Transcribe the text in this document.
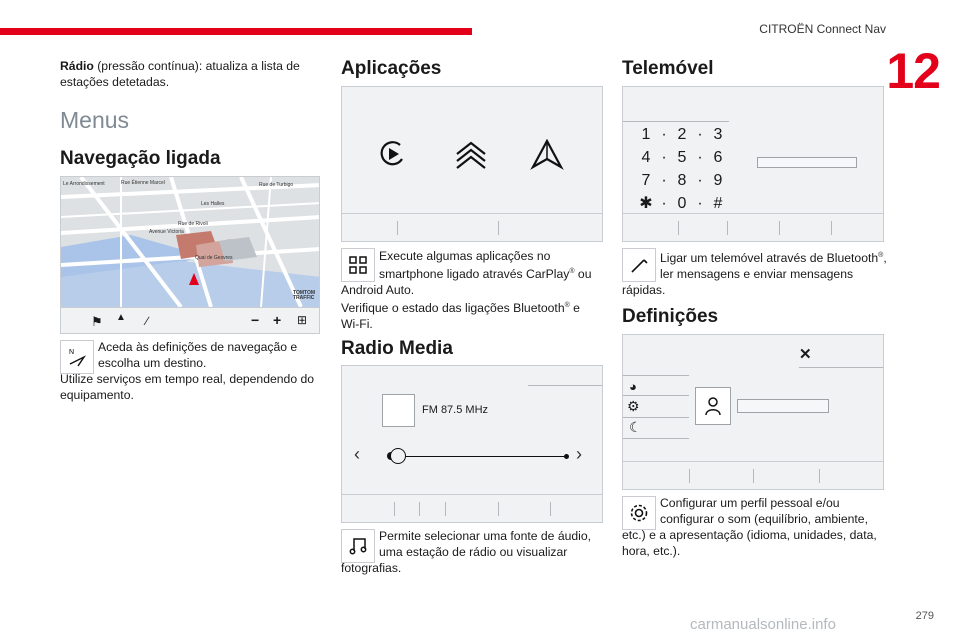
CITROËN Connect Nav
12
Rádio (pressão contínua): atualiza a lista de
estações detetadas.
Menus
Navegação ligada
Le Arrondissement	Rue Étienne Marcel	Rue de Turbigo
Les Halles
Rue de Rivoli
Avenue Victoria
Quai de Gesvres
TOMTOM TRAFFIC
⚑ ▲ ∕	− + ⊞
N	Aceda às definições de navegação e
escolha um destino.
Utilize serviços em tempo real, dependendo do
equipamento.
Aplicações
Execute algumas aplicações no
smartphone ligado através CarPlay® ou
Android Auto.
Verifique o estado das ligações Bluetooth® e
Wi-Fi.
Radio Media
FM 87.5 MHz
‹	›
Permite selecionar uma fonte de áudio,
uma estação de rádio ou visualizar
fotografias.
Telemóvel
1 · 2 · 3
4 · 5 · 6
7 · 8 · 9
✱ · 0 · #
Ligar um telemóvel através de Bluetooth®,
ler mensagens e enviar mensagens
rápidas.
Definições
✕
◕
⚙
☾
Configurar um perfil pessoal e/ou
configurar o som (equilíbrio, ambiente,
etc.) e a apresentação (idioma, unidades, data,
hora, etc.).
279
carmanualsonline.info
